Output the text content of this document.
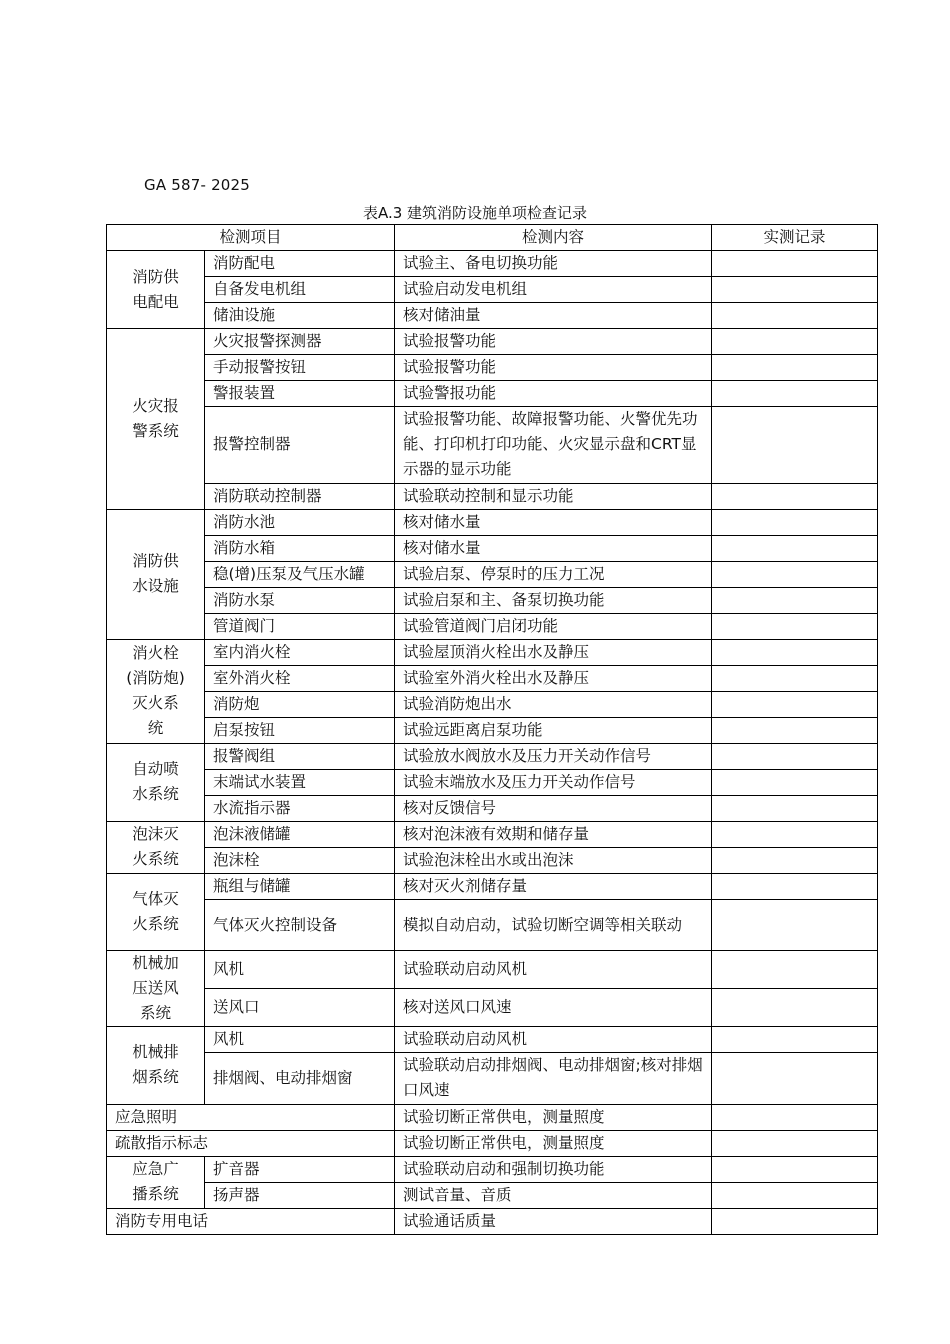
GA 587- 2025
表A.3 建筑消防设施单项检查记录
检测项目		检测内容	实测记录
消防供电配电	消防配电	试验主、备电切换功能	
	自备发电机组	试验启动发电机组	
	储油设施	核对储油量	
火灾报警系统	火灾报警探测器	试验报警功能	
	手动报警按钮	试验报警功能	
	警报装置	试验警报功能	
	报警控制器	试验报警功能、故障报警功能、火警优先功能、打印机打印功能、火灾显示盘和CRT显示器的显示功能	
	消防联动控制器	试验联动控制和显示功能	
消防供水设施	消防水池	核对储水量	
	消防水箱	核对储水量	
	稳(增)压泵及气压水罐	试验启泵、停泵时的压力工况	
	消防水泵	试验启泵和主、备泵切换功能	
	管道阀门	试验管道阀门启闭功能	
消火栓(消防炮)灭火系统	室内消火栓	试验屋顶消火栓出水及静压	
	室外消火栓	试验室外消火栓出水及静压	
	消防炮	试验消防炮出水	
	启泵按钮	试验远距离启泵功能	
自动喷水系统	报警阀组	试验放水阀放水及压力开关动作信号	
	末端试水装置	试验末端放水及压力开关动作信号	
	水流指示器	核对反馈信号	
泡沫灭火系统	泡沫液储罐	核对泡沫液有效期和储存量	
	泡沫栓	试验泡沫栓出水或出泡沫	
气体灭火系统	瓶组与储罐	核对灭火剂储存量	
	气体灭火控制设备	模拟自动启动，试验切断空调等相关联动	
机械加压送风系统	风机	试验联动启动风机	
	送风口	核对送风口风速	
机械排烟系统	风机	试验联动启动风机	
	排烟阀、电动排烟窗	试验联动启动排烟阀、电动排烟窗;核对排烟口风速	
应急照明		试验切断正常供电，测量照度	
疏散指示标志		试验切断正常供电，测量照度	
应急广播系统	扩音器	试验联动启动和强制切换功能	
	扬声器	测试音量、音质	
消防专用电话		试验通话质量	
